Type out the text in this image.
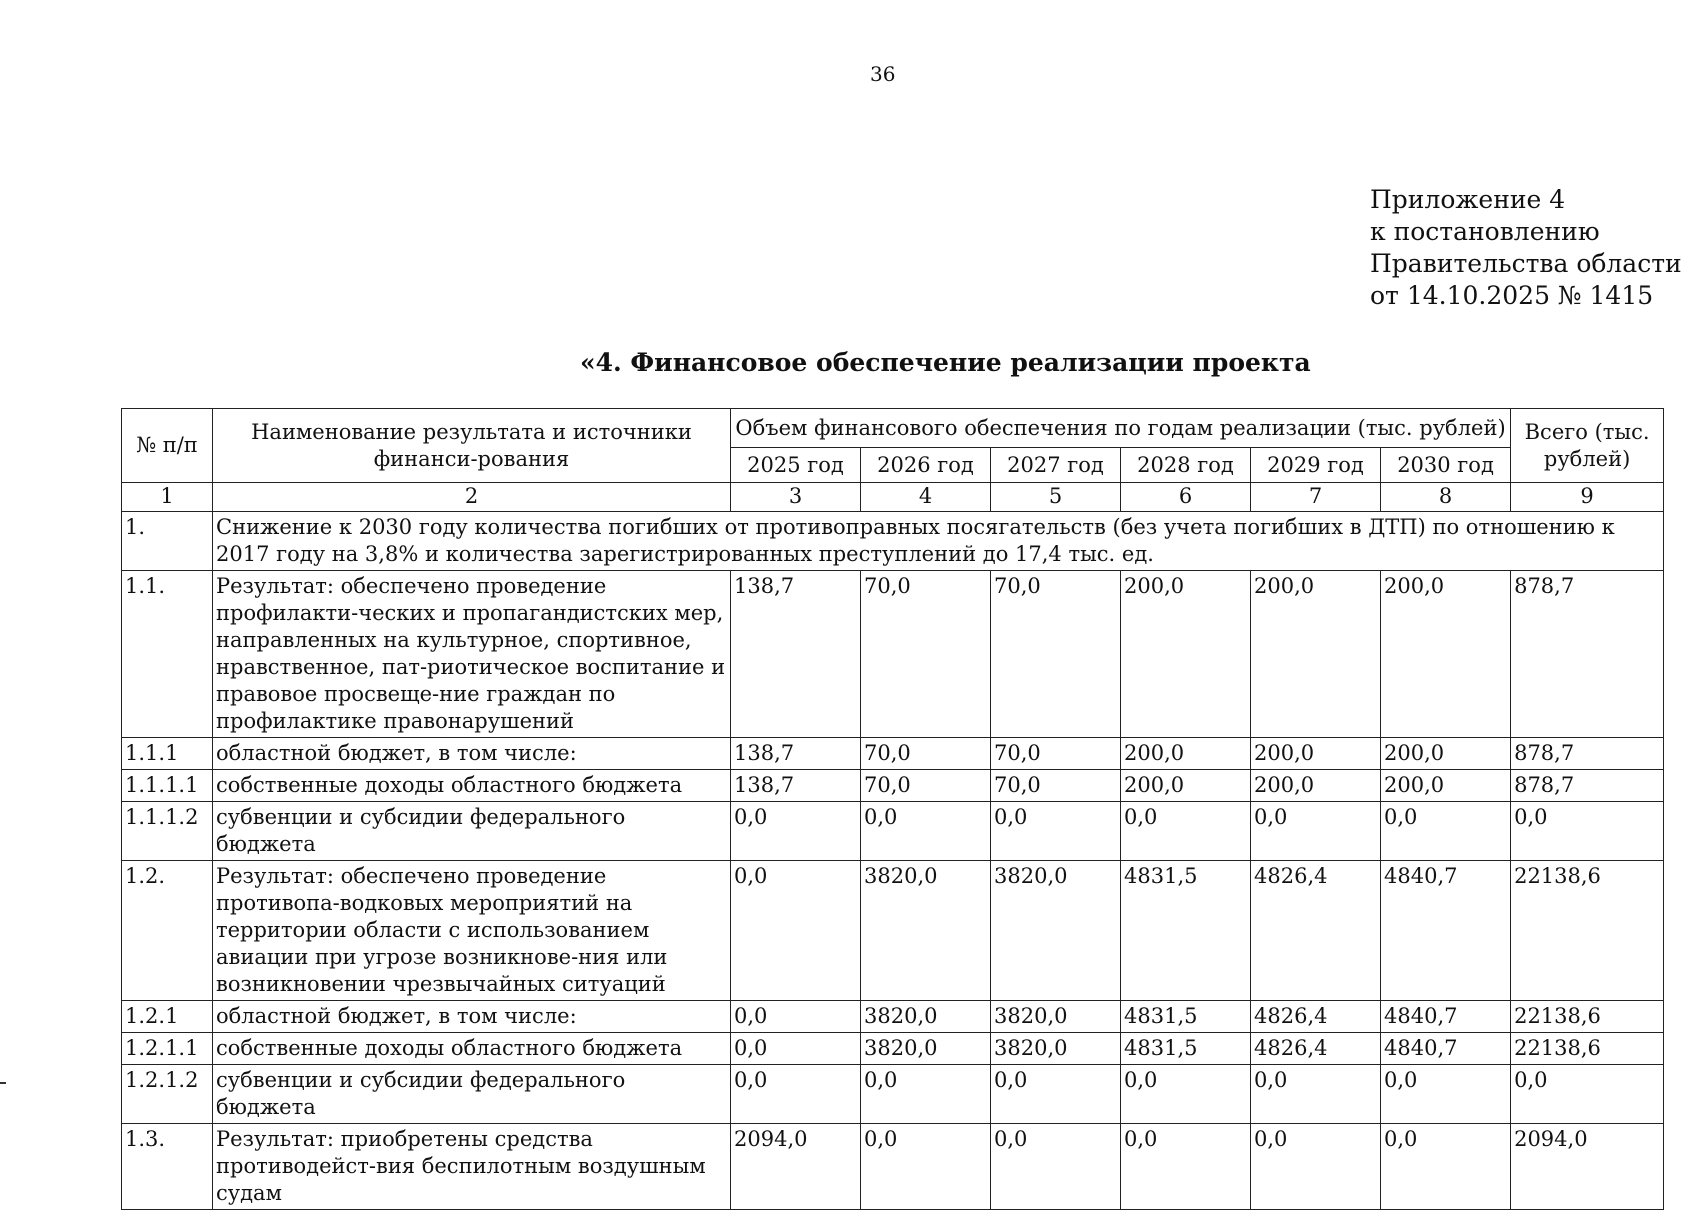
36
Приложение 4
к постановлению
Правительства области
от 14.10.2025 № 1415
«4. Финансовое обеспечение реализации проекта
№ п/п	Наименование результата и источники финанси-рования	Объем финансового обеспечения по годам реализации (тыс. рублей)						Всего (тыс. рублей)
		2025 год	2026 год	2027 год	2028 год	2029 год	2030 год	
1	2	3	4	5	6	7	8	9
1.	Снижение к 2030 году количества погибших от противоправных посягательств (без учета погибших в ДТП) по отношению к 2017 году на 3,8% и количества зарегистрированных преступлений до 17,4 тыс. ед.							
1.1.	Результат: обеспечено проведение профилакти-ческих и пропагандистских мер, направленных на культурное, спортивное, нравственное, пат-риотическое воспитание и правовое просвеще-ние граждан по профилактике правонарушений	138,7	70,0	70,0	200,0	200,0	200,0	878,7
1.1.1	областной бюджет, в том числе:	138,7	70,0	70,0	200,0	200,0	200,0	878,7
1.1.1.1	собственные доходы областного бюджета	138,7	70,0	70,0	200,0	200,0	200,0	878,7
1.1.1.2	субвенции и субсидии федерального бюджета	0,0	0,0	0,0	0,0	0,0	0,0	0,0
1.2.	Результат: обеспечено проведение противопа-водковых мероприятий на территории области с использованием авиации при угрозе возникнове-ния или возникновении чрезвычайных ситуаций	0,0	3820,0	3820,0	4831,5	4826,4	4840,7	22138,6
1.2.1	областной бюджет, в том числе:	0,0	3820,0	3820,0	4831,5	4826,4	4840,7	22138,6
1.2.1.1	собственные доходы областного бюджета	0,0	3820,0	3820,0	4831,5	4826,4	4840,7	22138,6
1.2.1.2	субвенции и субсидии федерального бюджета	0,0	0,0	0,0	0,0	0,0	0,0	0,0
1.3.	Результат: приобретены средства противодейст-вия беспилотным воздушным судам	2094,0	0,0	0,0	0,0	0,0	0,0	2094,0
